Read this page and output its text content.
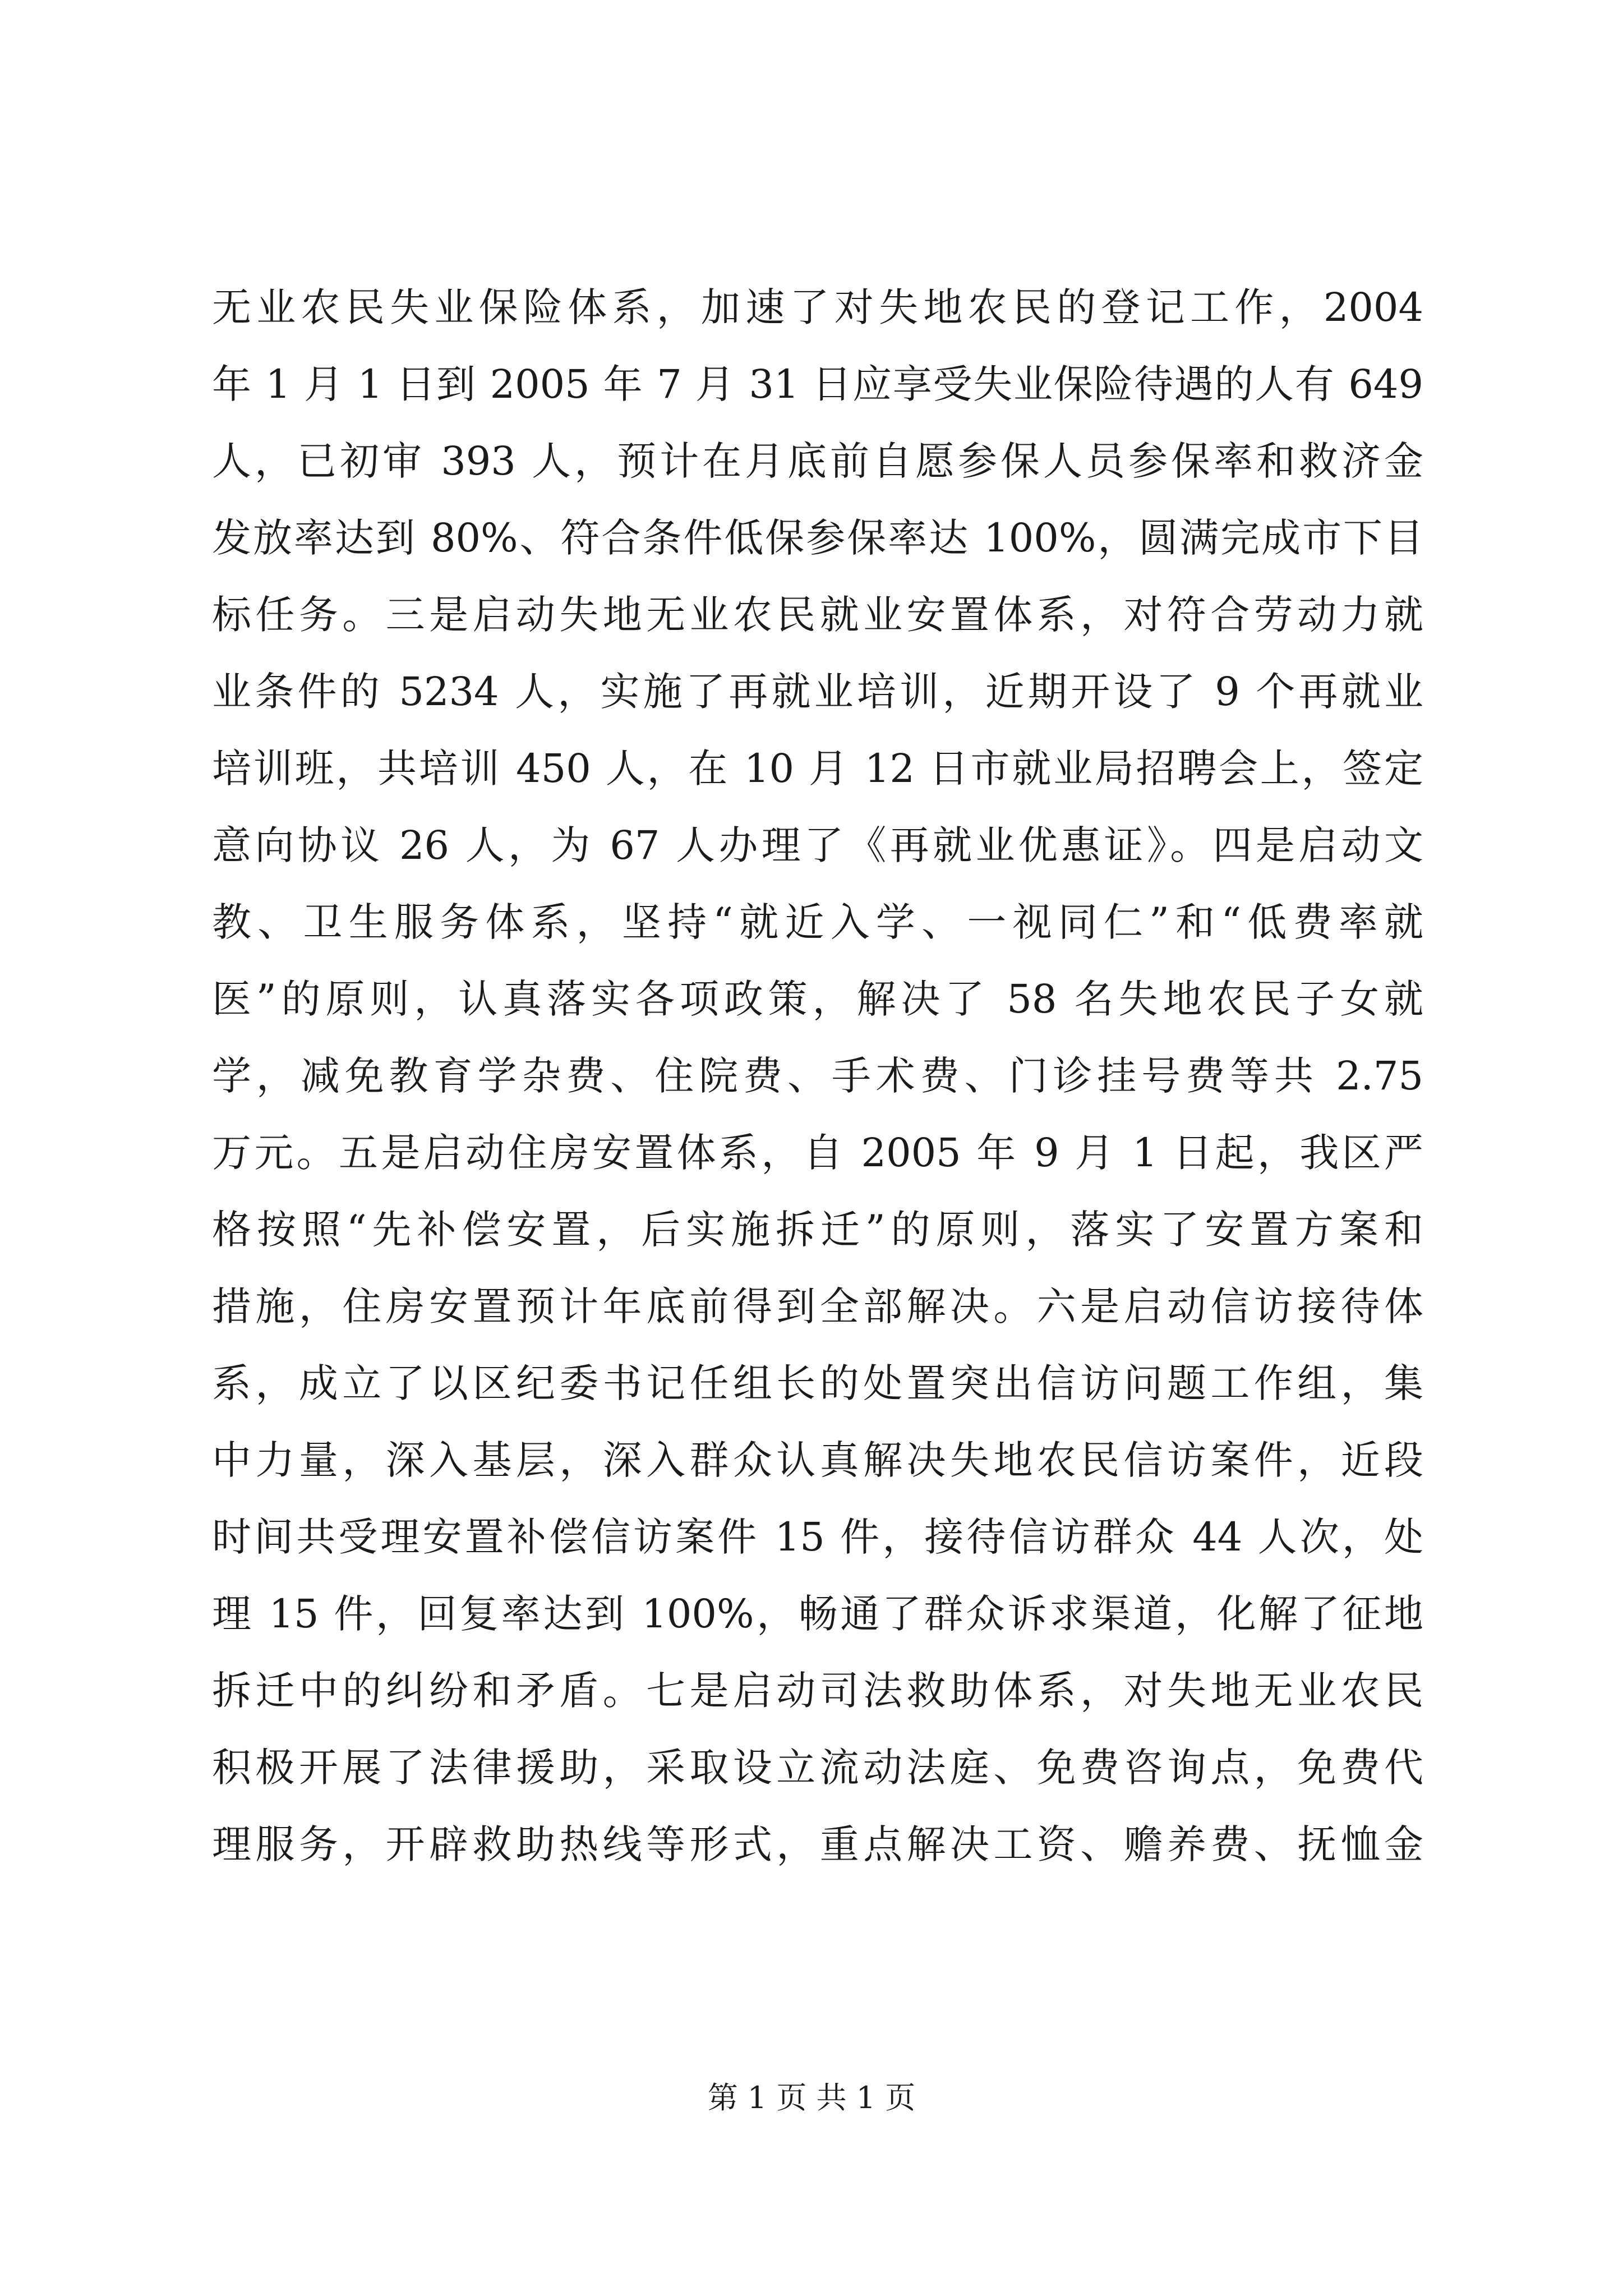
无业农民失业保险体系，加速了对失地农民的登记工作，2004
年 1 月 1 日到 2005 年 7 月 31 日应享受失业保险待遇的人有 649
人，已初审 393 人，预计在月底前自愿参保人员参保率和救济金
发放率达到 80%、符合条件低保参保率达 100%，圆满完成市下目
标任务。三是启动失地无业农民就业安置体系，对符合劳动力就
业条件的 5234 人，实施了再就业培训，近期开设了 9 个再就业
培训班，共培训 450 人，在 10 月 12 日市就业局招聘会上，签定
意向协议 26 人，为 67 人办理了《再就业优惠证》。四是启动文
教、卫生服务体系，坚持“就近入学、一视同仁”和“低费率就
医”的原则，认真落实各项政策，解决了 58 名失地农民子女就
学，减免教育学杂费、住院费、手术费、门诊挂号费等共 2.75
万元。五是启动住房安置体系，自 2005 年 9 月 1 日起，我区严
格按照“先补偿安置，后实施拆迁”的原则，落实了安置方案和
措施，住房安置预计年底前得到全部解决。六是启动信访接待体
系，成立了以区纪委书记任组长的处置突出信访问题工作组，集
中力量，深入基层，深入群众认真解决失地农民信访案件，近段
时间共受理安置补偿信访案件 15 件，接待信访群众 44 人次，处
理 15 件，回复率达到 100%，畅通了群众诉求渠道，化解了征地
拆迁中的纠纷和矛盾。七是启动司法救助体系，对失地无业农民
积极开展了法律援助，采取设立流动法庭、免费咨询点，免费代
理服务，开辟救助热线等形式，重点解决工资、赡养费、抚恤金
第 1 页 共 1 页
